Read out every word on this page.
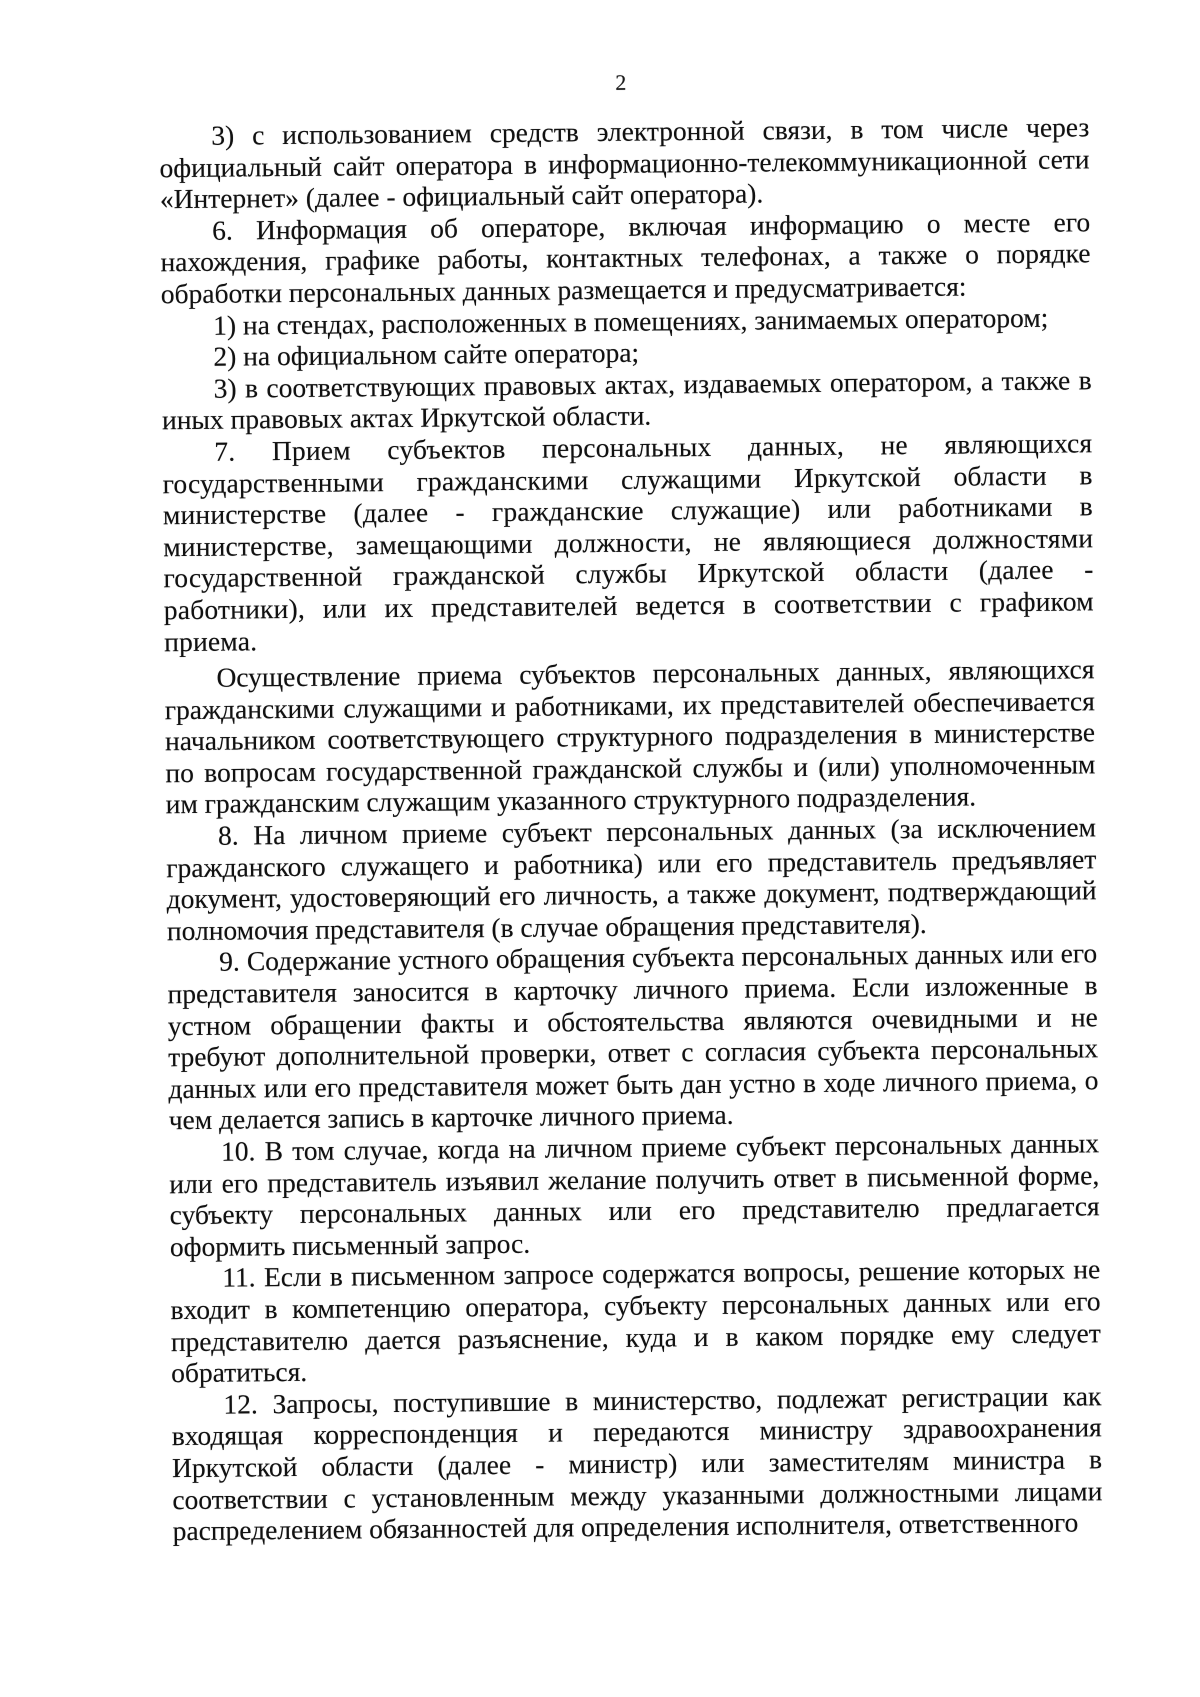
2

3) с использованием средств электронной связи, в том числе через официальный сайт оператора в информационно-телекоммуникационной сети «Интернет» (далее - официальный сайт оператора).

6. Информация об операторе, включая информацию о месте его нахождения, графике работы, контактных телефонах, а также о порядке обработки персональных данных размещается и предусматривается:

1) на стендах, расположенных в помещениях, занимаемых оператором;

2) на официальном сайте оператора;

3) в соответствующих правовых актах, издаваемых оператором, а также в иных правовых актах Иркутской области.

7. Прием субъектов персональных данных, не являющихся государственными гражданскими служащими Иркутской области в министерстве (далее - гражданские служащие) или работниками в министерстве, замещающими должности, не являющиеся должностями государственной гражданской службы Иркутской области (далее - работники), или их представителей ведется в соответствии с графиком приема.

Осуществление приема субъектов персональных данных, являющихся гражданскими служащими и работниками, их представителей обеспечивается начальником соответствующего структурного подразделения в министерстве по вопросам государственной гражданской службы и (или) уполномоченным им гражданским служащим указанного структурного подразделения.

8. На личном приеме субъект персональных данных (за исключением гражданского служащего и работника) или его представитель предъявляет документ, удостоверяющий его личность, а также документ, подтверждающий полномочия представителя (в случае обращения представителя).

9. Содержание устного обращения субъекта персональных данных или его представителя заносится в карточку личного приема. Если изложенные в устном обращении факты и обстоятельства являются очевидными и не требуют дополнительной проверки, ответ с согласия субъекта персональных данных или его представителя может быть дан устно в ходе личного приема, о чем делается запись в карточке личного приема.

10. В том случае, когда на личном приеме субъект персональных данных или его представитель изъявил желание получить ответ в письменной форме, субъекту персональных данных или его представителю предлагается оформить письменный запрос.

11. Если в письменном запросе содержатся вопросы, решение которых не входит в компетенцию оператора, субъекту персональных данных или его представителю дается разъяснение, куда и в каком порядке ему следует обратиться.

12. Запросы, поступившие в министерство, подлежат регистрации как входящая корреспонденция и передаются министру здравоохранения Иркутской области (далее - министр) или заместителям министра в соответствии с установленным между указанными должностными лицами распределением обязанностей для определения исполнителя, ответственного
